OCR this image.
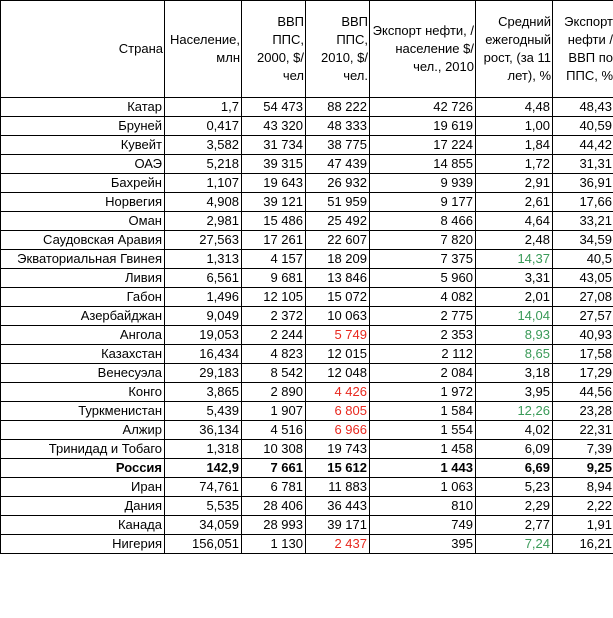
Страна	Население, млн	ВВП ППС, 2000, $/чел	ВВП ППС, 2010, $/чел.	Экспорт нефти, /население $/чел., 2010	Средний ежегодный рост, (за 11 лет), %	Экспорт нефти / ВВП по ППС, %
Катар	1,7	54 473	88 222	42 726	4,48	48,43
Бруней	0,417	43 320	48 333	19 619	1,00	40,59
Кувейт	3,582	31 734	38 775	17 224	1,84	44,42
ОАЭ	5,218	39 315	47 439	14 855	1,72	31,31
Бахрейн	1,107	19 643	26 932	9 939	2,91	36,91
Норвегия	4,908	39 121	51 959	9 177	2,61	17,66
Оман	2,981	15 486	25 492	8 466	4,64	33,21
Саудовская Аравия	27,563	17 261	22 607	7 820	2,48	34,59
Экваториальная Гвинея	1,313	4 157	18 209	7 375	14,37	40,5
Ливия	6,561	9 681	13 846	5 960	3,31	43,05
Габон	1,496	12 105	15 072	4 082	2,01	27,08
Азербайджан	9,049	2 372	10 063	2 775	14,04	27,57
Ангола	19,053	2 244	5 749	2 353	8,93	40,93
Казахстан	16,434	4 823	12 015	2 112	8,65	17,58
Венесуэла	29,183	8 542	12 048	2 084	3,18	17,29
Конго	3,865	2 890	4 426	1 972	3,95	44,56
Туркменистан	5,439	1 907	6 805	1 584	12,26	23,28
Алжир	36,134	4 516	6 966	1 554	4,02	22,31
Тринидад и Тобаго	1,318	10 308	19 743	1 458	6,09	7,39
Россия	142,9	7 661	15 612	1 443	6,69	9,25
Иран	74,761	6 781	11 883	1 063	5,23	8,94
Дания	5,535	28 406	36 443	810	2,29	2,22
Канада	34,059	28 993	39 171	749	2,77	1,91
Нигерия	156,051	1 130	2 437	395	7,24	16,21
